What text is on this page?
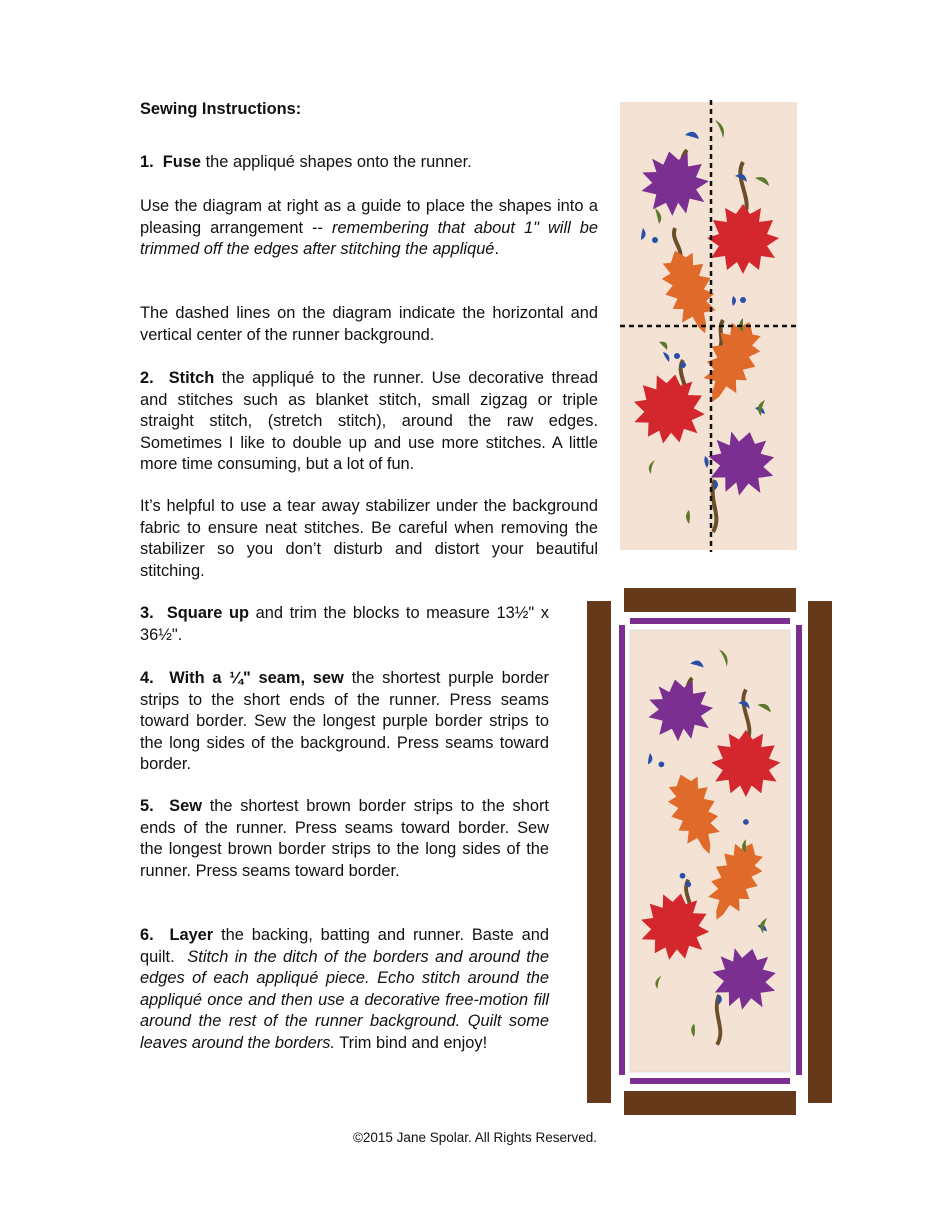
Sewing Instructions:

1. Fuse the appliqué shapes onto the runner.

Use the diagram at right as a guide to place the shapes into a pleasing arrangement -- remembering that about 1" will be trimmed off the edges after stitching the appliqué.

The dashed lines on the diagram indicate the horizontal and vertical center of the runner background.

2. Stitch the appliqué to the runner. Use decorative thread and stitches such as blanket stitch, small zigzag or triple straight stitch, (stretch stitch), around the raw edges. Sometimes I like to double up and use more stitches. A little more time consuming, but a lot of fun.

It’s helpful to use a tear away stabilizer under the background fabric to ensure neat stitches. Be careful when removing the stabilizer so you don’t disturb and distort your beautiful stitching.

3. Square up and trim the blocks to measure 13½" x 36½".

4. With a ¼" seam, sew the shortest purple border strips to the short ends of the runner. Press seams toward border. Sew the longest purple border strips to the long sides of the background. Press seams toward border.

5. Sew the shortest brown border strips to the short ends of the runner. Press seams toward border. Sew the longest brown border strips to the long sides of the runner. Press seams toward border.

6. Layer the backing, batting and runner. Baste and quilt. Stitch in the ditch of the borders and around the edges of each appliqué piece. Echo stitch around the appliqué once and then use a decorative free-motion fill around the rest of the runner background. Quilt some leaves around the borders. Trim bind and enjoy!

©2015 Jane Spolar. All Rights Reserved.
